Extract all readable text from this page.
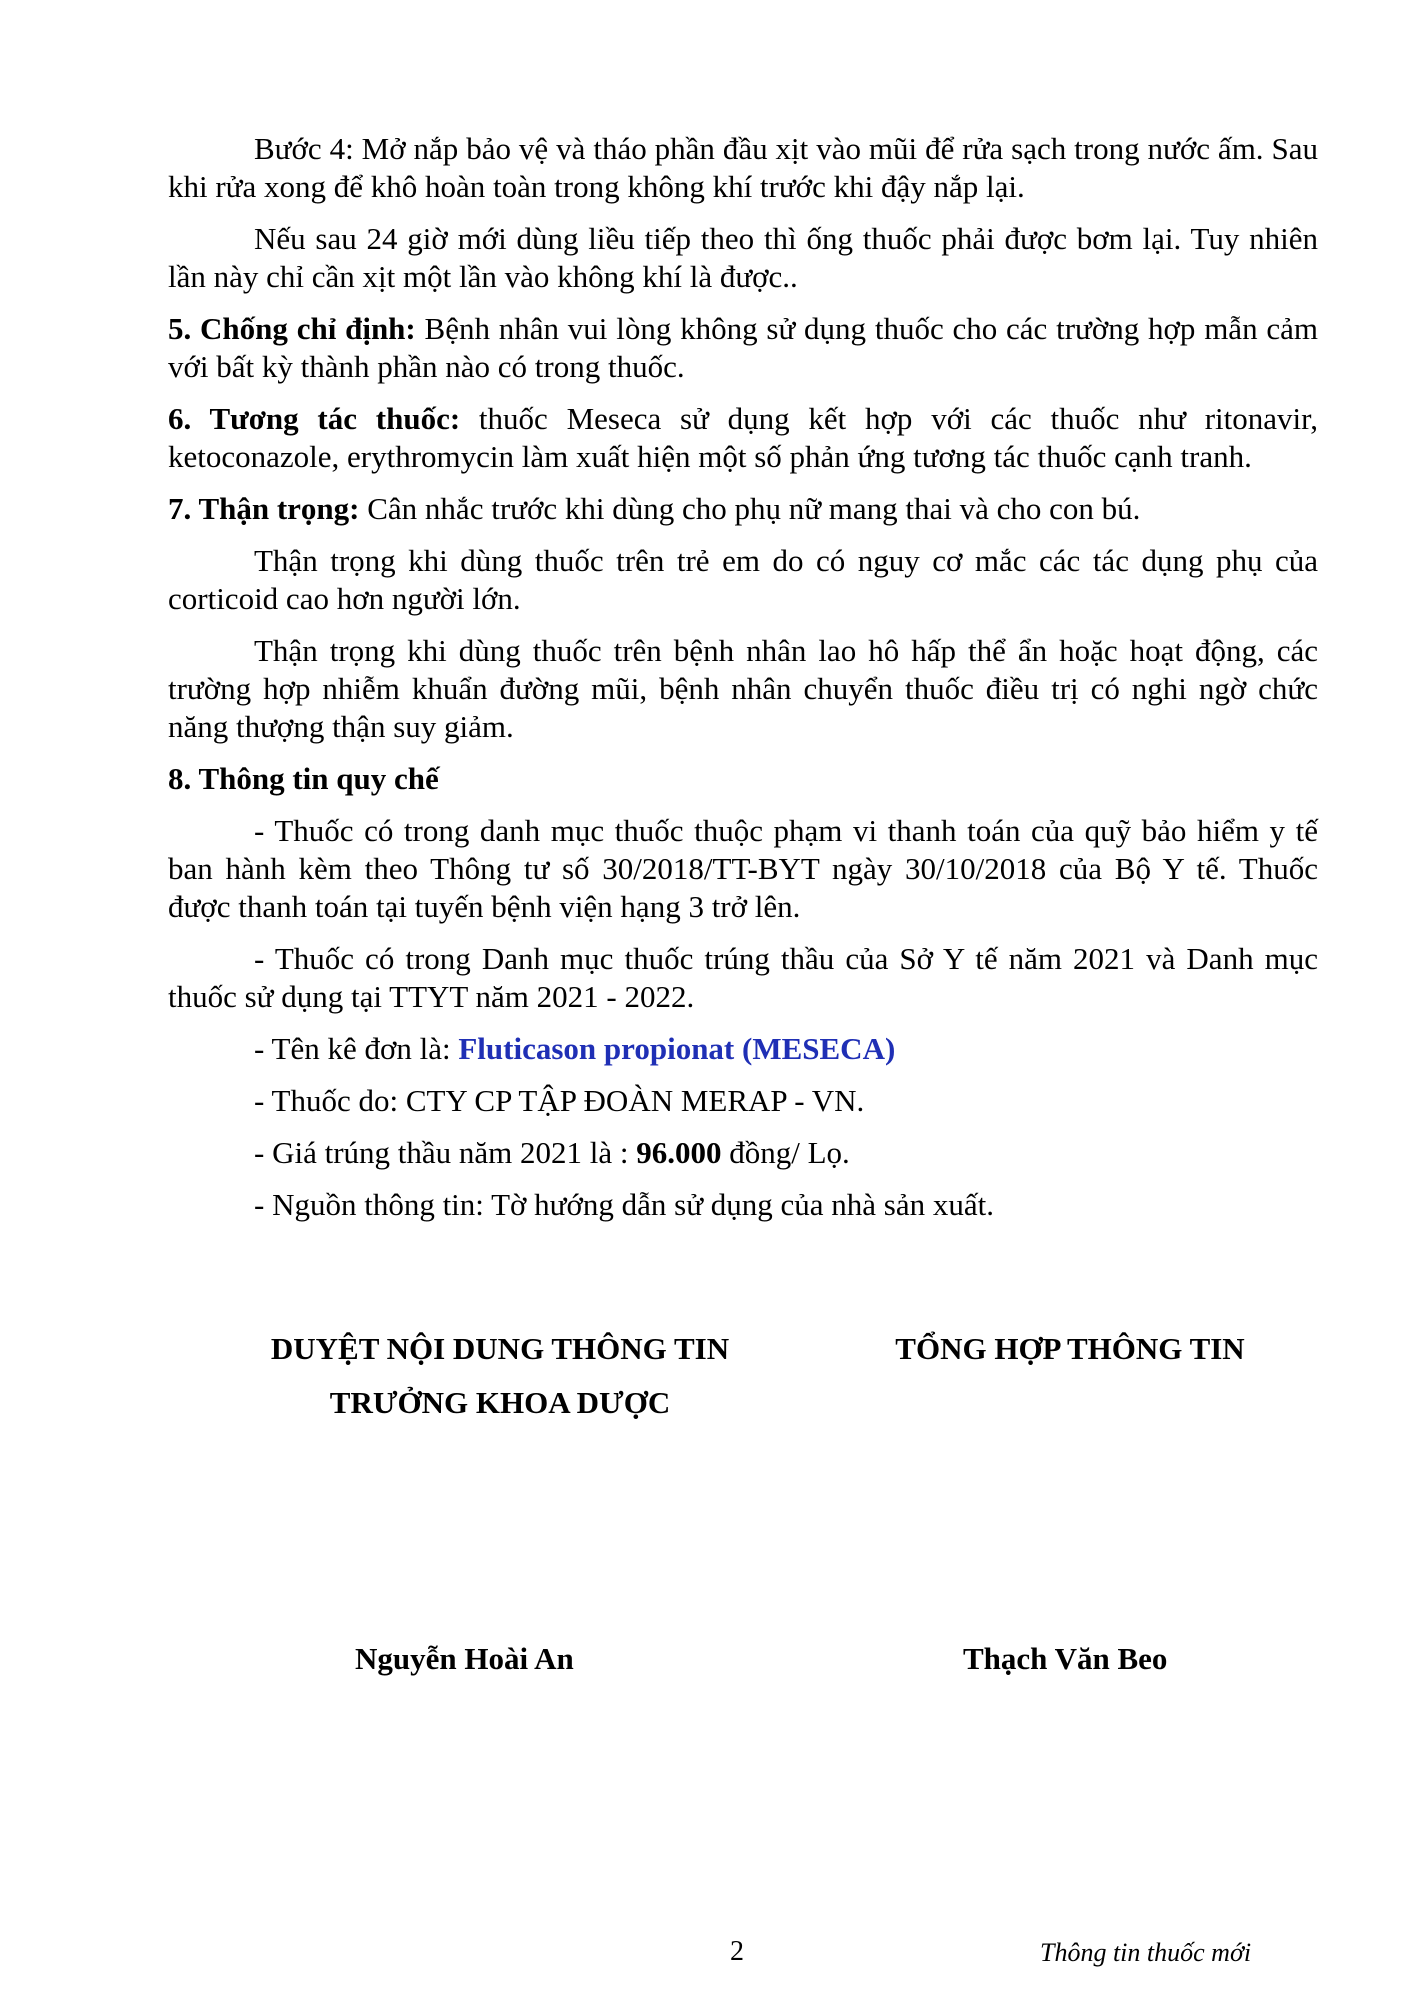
Bước 4: Mở nắp bảo vệ và tháo phần đầu xịt vào mũi để rửa sạch trong nước ấm. Sau khi rửa xong để khô hoàn toàn trong không khí trước khi đậy nắp lại.

Nếu sau 24 giờ mới dùng liều tiếp theo thì ống thuốc phải được bơm lại. Tuy nhiên lần này chỉ cần xịt một lần vào không khí là được..

5. Chống chỉ định: Bệnh nhân vui lòng không sử dụng thuốc cho các trường hợp mẫn cảm với bất kỳ thành phần nào có trong thuốc.

6. Tương tác thuốc: thuốc Meseca sử dụng kết hợp với các thuốc như ritonavir, ketoconazole, erythromycin làm xuất hiện một số phản ứng tương tác thuốc cạnh tranh.

7. Thận trọng: Cân nhắc trước khi dùng cho phụ nữ mang thai và cho con bú.

Thận trọng khi dùng thuốc trên trẻ em do có nguy cơ mắc các tác dụng phụ của corticoid cao hơn người lớn.

Thận trọng khi dùng thuốc trên bệnh nhân lao hô hấp thể ẩn hoặc hoạt động, các trường hợp nhiễm khuẩn đường mũi, bệnh nhân chuyển thuốc điều trị có nghi ngờ chức năng thượng thận suy giảm.

8. Thông tin quy chế

- Thuốc có trong danh mục thuốc thuộc phạm vi thanh toán của quỹ bảo hiểm y tế ban hành kèm theo Thông tư số 30/2018/TT-BYT ngày 30/10/2018 của Bộ Y tế. Thuốc được thanh toán tại tuyến bệnh viện hạng 3 trở lên.

- Thuốc có trong Danh mục thuốc trúng thầu của Sở Y tế năm 2021 và Danh mục thuốc sử dụng tại TTYT năm 2021 - 2022.

- Tên kê đơn là: Fluticason propionat (MESECA)

- Thuốc do: CTY CP TẬP ĐOÀN MERAP - VN.

- Giá trúng thầu năm 2021 là : 96.000 đồng/ Lọ.

- Nguồn thông tin: Tờ hướng dẫn sử dụng của nhà sản xuất.

DUYỆT NỘI DUNG THÔNG TIN
TRƯỞNG KHOA DƯỢC
TỔNG HỢP THÔNG TIN
Nguyễn Hoài An	Thạch Văn Beo
2	Thông tin thuốc mới
